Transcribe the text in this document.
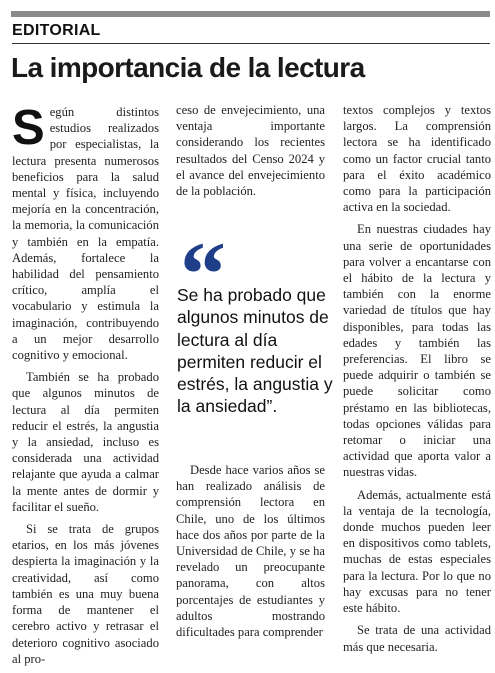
EDITORIAL
La importancia de la lectura

Según distintos estudios realizados por especialistas, la lectura presenta numerosos beneficios para la salud mental y física, incluyendo mejoría en la concentración, la memoria, la comunicación y también en la empatía. Además, fortalece la habilidad del pensamiento crítico, amplía el vocabulario y estimula la imaginación, contribuyendo a un mejor desarrollo cognitivo y emocional.

También se ha probado que algunos minutos de lectura al día permiten reducir el estrés, la angustia y la ansiedad, incluso es considerada una actividad relajante que ayuda a calmar la mente antes de dormir y facilitar el sueño.

Si se trata de grupos etarios, en los más jóvenes despierta la imaginación y la creatividad, así como también es una muy buena forma de mantener el cerebro activo y retrasar el deterioro cognitivo asociado al pro-

ceso de envejecimiento, una ventaja importante considerando los recientes resultados del Censo 2024 y el avance del envejecimiento de la población.

“
Se ha probado que algunos minutos de lectura al día permiten reducir el estrés, la angustia y la ansiedad”.

Desde hace varios años se han realizado análisis de comprensión lectora en Chile, uno de los últimos hace dos años por parte de la Universidad de Chile, y se ha revelado un preocupante panorama, con altos porcentajes de estudiantes y adultos mostrando dificultades para comprender

textos complejos y textos largos. La comprensión lectora se ha identificado como un factor crucial tanto para el éxito académico como para la participación activa en la sociedad.

En nuestras ciudades hay una serie de oportunidades para volver a encantarse con el hábito de la lectura y también con la enorme variedad de títulos que hay disponibles, para todas las edades y también las preferencias. El libro se puede adquirir o también se puede solicitar como préstamo en las bibliotecas, todas opciones válidas para retomar o iniciar una actividad que aporta valor a nuestras vidas.

Además, actualmente está la ventaja de la tecnología, donde muchos pueden leer en dispositivos como tablets, muchas de estas especiales para la lectura. Por lo que no hay excusas para no tener este hábito.

Se trata de una actividad más que necesaria.
